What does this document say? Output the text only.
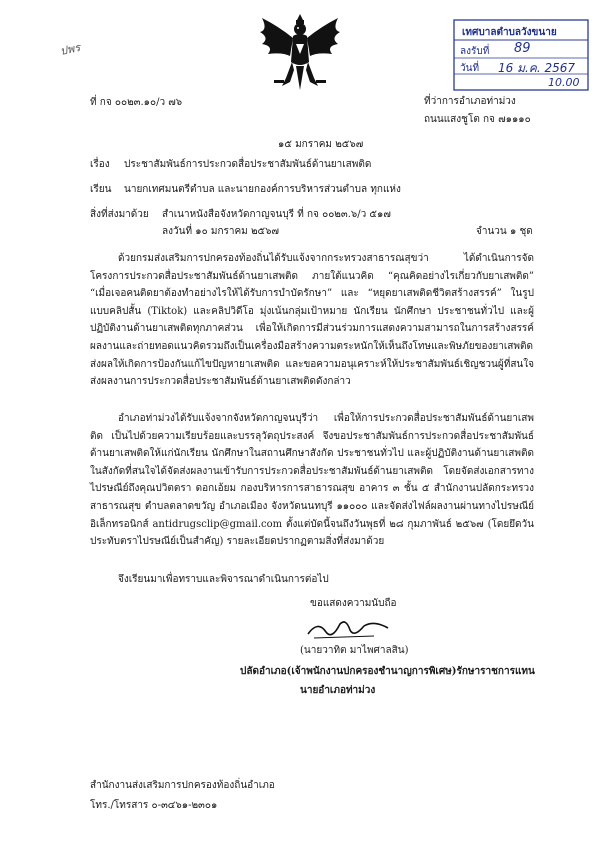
ปพร
เทศบาลตำบลวังขนาย
ลงรับที่ 89
วันที่ 16 ม.ค. 2567
10.00
ที่ กจ ๐๐๒๓.๑๐/ว ๗๖	ที่ว่าการอำเภอท่าม่วง
ถนนแสงชูโต กจ ๗๑๑๑๐
๑๕ มกราคม ๒๕๖๗
เรื่อง ประชาสัมพันธ์การประกวดสื่อประชาสัมพันธ์ด้านยาเสพติด
เรียน นายกเทศมนตรีตำบล และนายกองค์การบริหารส่วนตำบล ทุกแห่ง
สิ่งที่ส่งมาด้วย สำเนาหนังสือจังหวัดกาญจนบุรี ที่ กจ ๐๐๒๓.๖/ว ๕๑๗
ลงวันที่ ๑๐ มกราคม ๒๕๖๗	จำนวน ๑ ชุด
ด้วยกรมส่งเสริมการปกครองท้องถิ่นได้รับแจ้งจากกระทรวงสาธารณสุขว่า ได้ดำเนินการจัดโครงการประกวดสื่อประชาสัมพันธ์ด้านยาเสพติด ภายใต้แนวคิด “คุณคิดอย่างไรเกี่ยวกับยาเสพติด” “เมื่อเจอคนติดยาต้องทำอย่างไรให้ได้รับการบำบัดรักษา” และ “หยุดยาเสพติดชีวิตสร้างสรรค์” ในรูปแบบคลิปสั้น (Tiktok) และคลิปวิดีโอ มุ่งเน้นกลุ่มเป้าหมาย นักเรียน นักศึกษา ประชาชนทั่วไป และผู้ปฏิบัติงานด้านยาเสพติดทุกภาคส่วน เพื่อให้เกิดการมีส่วนร่วมการแสดงความสามารถในการสร้างสรรค์ผลงานและถ่ายทอดแนวคิดรวมถึงเป็นเครื่องมือสร้างความตระหนักให้เห็นถึงโทษและพิษภัยของยาเสพติดส่งผลให้เกิดการป้องกันแก้ไขปัญหายาเสพติด และขอความอนุเคราะห์ให้ประชาสัมพันธ์เชิญชวนผู้ที่สนใจส่งผลงานการประกวดสื่อประชาสัมพันธ์ด้านยาเสพติดดังกล่าว
อำเภอท่าม่วงได้รับแจ้งจากจังหวัดกาญจนบุรีว่า เพื่อให้การประกวดสื่อประชาสัมพันธ์ด้านยาเสพติด เป็นไปด้วยความเรียบร้อยและบรรลุวัตถุประสงค์ จึงขอประชาสัมพันธ์การประกวดสื่อประชาสัมพันธ์ด้านยาเสพติดให้แก่นักเรียน นักศึกษาในสถานศึกษาสังกัด ประชาชนทั่วไป และผู้ปฏิบัติงานด้านยาเสพติดในสังกัดที่สนใจได้จัดส่งผลงานเข้ารับการประกวดสื่อประชาสัมพันธ์ด้านยาเสพติด โดยจัดส่งเอกสารทางไปรษณีย์ถึงคุณปวิตตรา ดอกเอ้ยม กองบริหารการสาธารณสุข อาคาร ๓ ชั้น ๕ สำนักงานปลัดกระทรวงสาธารณสุข ตำบลตลาดขวัญ อำเภอเมือง จังหวัดนนทบุรี ๑๑๐๐๐ และจัดส่งไฟล์ผลงานผ่านทางไปรษณีย์อิเล็กทรอนิกส์ antidrugsclip@gmail.com ตั้งแต่บัดนี้จนถึงวันพุธที่ ๒๘ กุมภาพันธ์ ๒๕๖๗ (โดยยึดวันประทับตราไปรษณีย์เป็นสำคัญ) รายละเอียดปรากฏตามสิ่งที่ส่งมาด้วย
จึงเรียนมาเพื่อทราบและพิจารณาดำเนินการต่อไป
ขอแสดงความนับถือ
(นายวาทิต มาไพศาลสิน)
ปลัดอำเภอ(เจ้าพนักงานปกครองชำนาญการพิเศษ)รักษาราชการแทน
นายอำเภอท่าม่วง
สำนักงานส่งเสริมการปกครองท้องถิ่นอำเภอ
โทร./โทรสาร ๐-๓๔๖๑-๒๓๐๑
